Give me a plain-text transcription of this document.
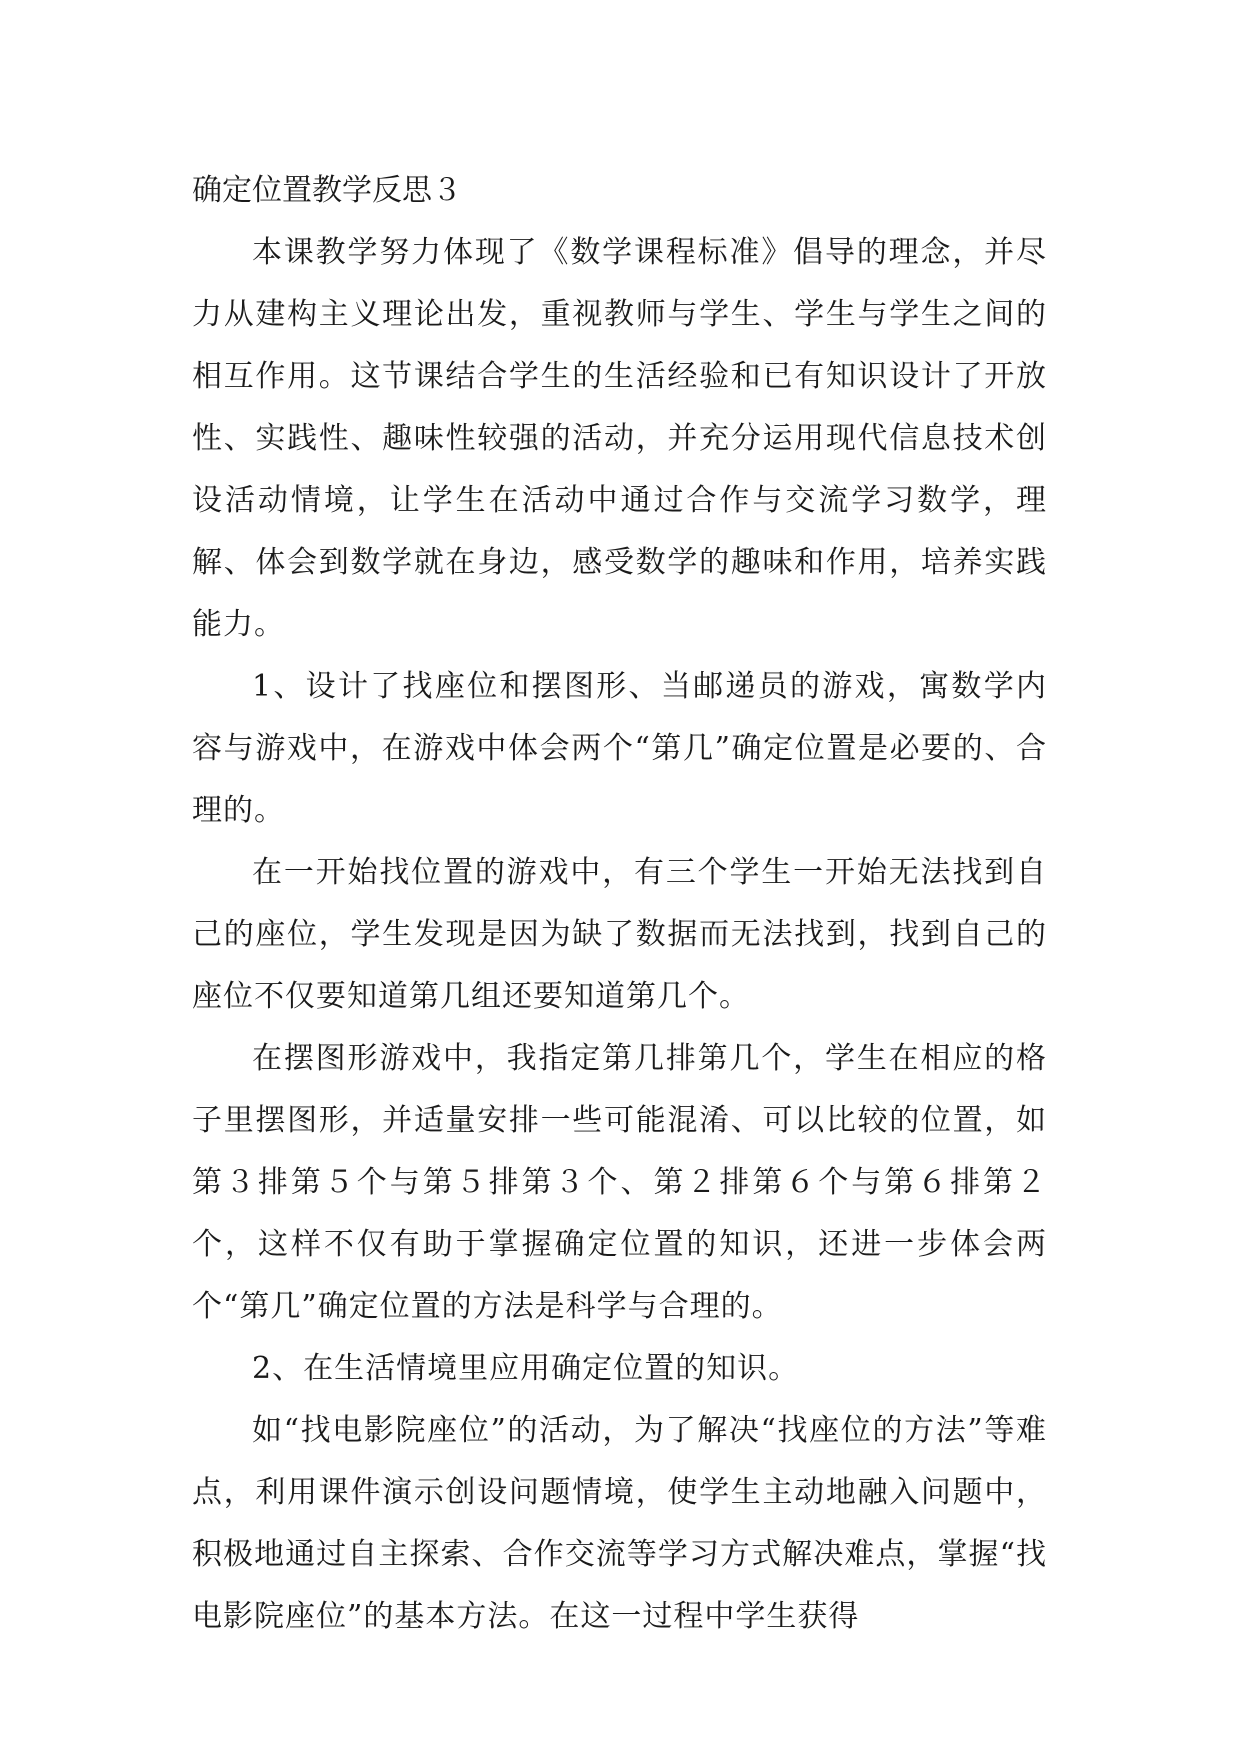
确定位置教学反思３

本课教学努力体现了《数学课程标准》倡导的理念，并尽力从建构主义理论出发，重视教师与学生、学生与学生之间的相互作用。这节课结合学生的生活经验和已有知识设计了开放性、实践性、趣味性较强的活动，并充分运用现代信息技术创设活动情境，让学生在活动中通过合作与交流学习数学，理解、体会到数学就在身边，感受数学的趣味和作用，培养实践能力。

1、设计了找座位和摆图形、当邮递员的游戏，寓数学内容与游戏中，在游戏中体会两个“第几”确定位置是必要的、合理的。

在一开始找位置的游戏中，有三个学生一开始无法找到自己的座位，学生发现是因为缺了数据而无法找到，找到自己的座位不仅要知道第几组还要知道第几个。

在摆图形游戏中，我指定第几排第几个，学生在相应的格子里摆图形，并适量安排一些可能混淆、可以比较的位置，如第３排第５个与第５排第３个、第２排第６个与第６排第２个，这样不仅有助于掌握确定位置的知识，还进一步体会两个“第几”确定位置的方法是科学与合理的。

2、在生活情境里应用确定位置的知识。

如“找电影院座位”的活动，为了解决“找座位的方法”等难点，利用课件演示创设问题情境，使学生主动地融入问题中，积极地通过自主探索、合作交流等学习方式解决难点，掌握“找电影院座位”的基本方法。在这一过程中学生获得
